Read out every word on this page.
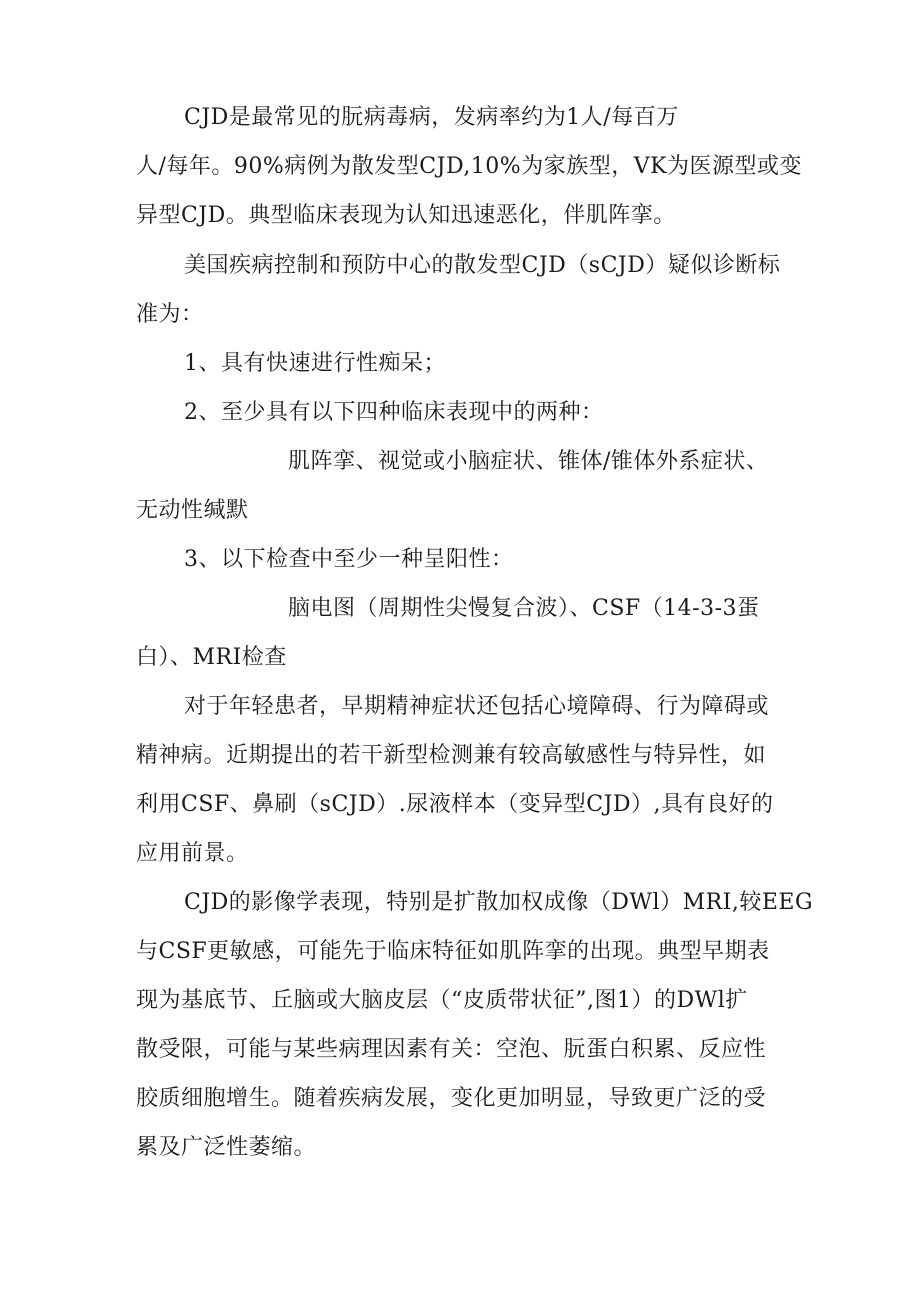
CJD是最常见的朊病毒病，发病率约为1人/每百万
人/每年。90%病例为散发型CJD,10%为家族型，VK为医源型或变
异型CJD。典型临床表现为认知迅速恶化，伴肌阵挛。
美国疾病控制和预防中心的散发型CJD（sCJD）疑似诊断标
准为：
1、具有快速进行性痴呆；
2、至少具有以下四种临床表现中的两种：
肌阵挛、视觉或小脑症状、锥体/锥体外系症状、
无动性缄默
3、以下检查中至少一种呈阳性：
脑电图（周期性尖慢复合波）、CSF（14-3-3蛋
白）、MRI检查
对于年轻患者，早期精神症状还包括心境障碍、行为障碍或
精神病。近期提出的若干新型检测兼有较高敏感性与特异性，如
利用CSF、鼻刷（sCJD）.尿液样本（变异型CJD）,具有良好的
应用前景。
CJD的影像学表现，特别是扩散加权成像（DWl）MRI,较EEG
与CSF更敏感，可能先于临床特征如肌阵挛的出现。典型早期表
现为基底节、丘脑或大脑皮层（“皮质带状征”,图1）的DWl扩
散受限，可能与某些病理因素有关：空泡、朊蛋白积累、反应性
胶质细胞增生。随着疾病发展，变化更加明显，导致更广泛的受
累及广泛性萎缩。
